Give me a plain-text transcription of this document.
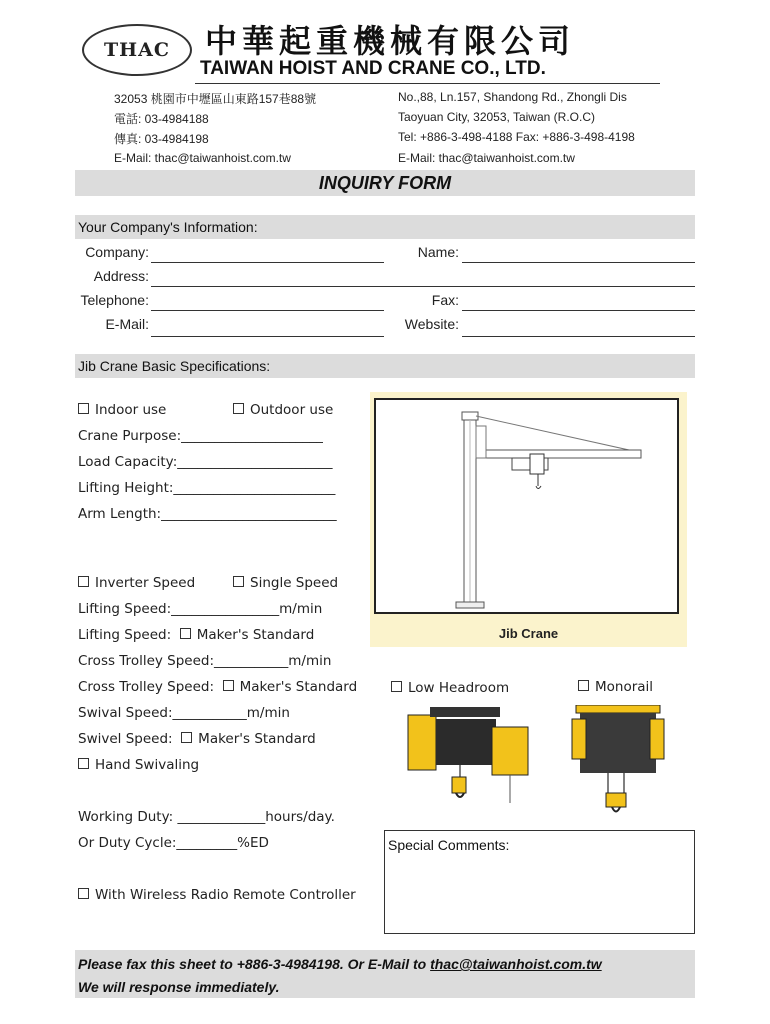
THAC 中華起重機械有限公司
TAIWAN HOIST AND CRANE CO., LTD.
32053 桃園市中壢區山東路157巷88號
電話: 03-4984188
傳真: 03-4984198
E-Mail: thac@taiwanhoist.com.tw
No.,88, Ln.157, Shandong Rd., Zhongli Dis
Taoyuan City, 32053, Taiwan (R.O.C)
Tel: +886-3-498-4188 Fax: +886-3-498-4198
E-Mail: thac@taiwanhoist.com.tw
INQUIRY FORM
Your Company's Information:
Company:	Name:
Address:
Telephone:	Fax:
E-Mail:	Website:
Jib Crane Basic Specifications:
Indoor use	Outdoor use
Crane Purpose:_____________________
Load Capacity:_______________________
Lifting Height:________________________
Arm Length:__________________________
Inverter Speed	Single Speed
Lifting Speed:________________m/min
Lifting Speed: Maker's Standard
Cross Trolley Speed:___________m/min
Cross Trolley Speed: Maker's Standard
Swival Speed:___________m/min
Swivel Speed: Maker's Standard
Hand Swivaling
Working Duty: _____________hours/day.
Or Duty Cycle:_________%ED
With Wireless Radio Remote Controller
Jib Crane
Low Headroom	Monorail
Special Comments:
Please fax this sheet to +886-3-4984198. Or E-Mail to thac@taiwanhoist.com.tw
We will response immediately.
